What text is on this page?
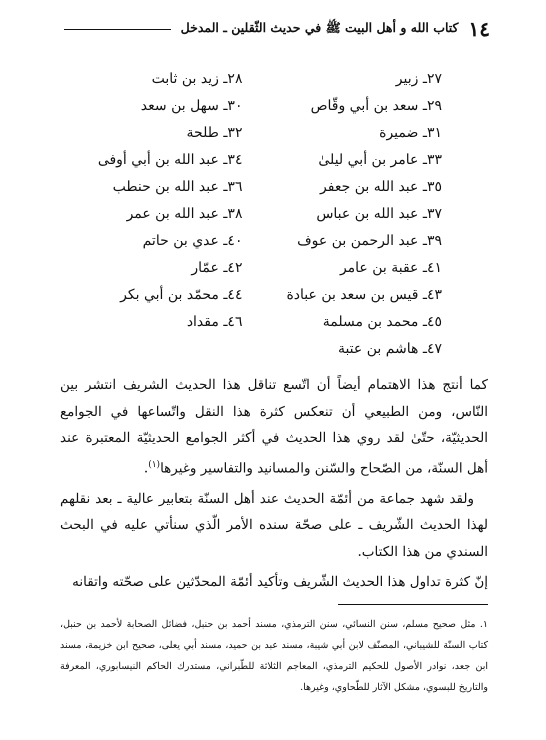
١٤
كتاب الله و أهل البيت ﷺ في حديث الثّقلين ـ المدخل
٢٧ـ زبير
٢٨ـ زيد بن ثابت
٢٩ـ سعد بن أبي وقّاص
٣٠ـ سهل بن سعد
٣١ـ ضميرة
٣٢ـ طلحة
٣٣ـ عامر بن أبي ليلىٰ
٣٤ـ عبد الله بن أبي أوفى
٣٥ـ عبد الله بن جعفر
٣٦ـ عبد الله بن حنطب
٣٧ـ عبد الله بن عباس
٣٨ـ عبد الله بن عمر
٣٩ـ عبد الرحمن بن عوف
٤٠ـ عدي بن حاتم
٤١ـ عقبة بن عامر
٤٢ـ عمّار
٤٣ـ قيس بن سعد بن عبادة
٤٤ـ محمّد بن أبي بكر
٤٥ـ محمد بن مسلمة
٤٦ـ مقداد
٤٧ـ هاشم بن عتبة

كما أنتج هذا الاهتمام أيضاً أن اتّسع تناقل هذا الحديث الشريف انتشر بين النّاس، ومن الطبيعي أن تنعكس كثرة هذا النقل واتّساعها في الجوامع الحديثيّة، حتّىٰ لقد روي هذا الحديث في أكثر الجوامع الحديثيّة المعتبرة عند أهل السنّة، من الصّحاح والسّنن والمسانيد والتفاسير وغيرها$^{(١)}$.

ولقد شهد جماعة من أئمّة الحديث عند أهل السنّة بتعابير عالية ـ بعد نقلهم لهذا الحديث الشّريف ـ على صحّة سنده الأمر الّذي سنأتي عليه في البحث السندي من هذا الكتاب.

إنّ كثرة تداول هذا الحديث الشّريف وتأكيد أئمّة المحدّثين على صحّته واتقانه

١. مثل صحيح مسلم، سنن النسائي، سنن الترمذي، مسند أحمد بن حنبل، فضائل الصحابة لأحمد بن حنبل، كتاب السنّة للشيباني، المصنّف لابن أبي شيبة، مسند عبد بن حميد، مسند أبي يعلى، صحيح ابن خزيمة، مسند ابن جعد، نوادر الأصول للحكيم الترمذي، المعاجم الثلاثة للطّبراني، مستدرك الحاكم النيسابوري، المعرفة والتاريخ للبسوي، مشكل الآثار للطّحاوي، وغيرها.
